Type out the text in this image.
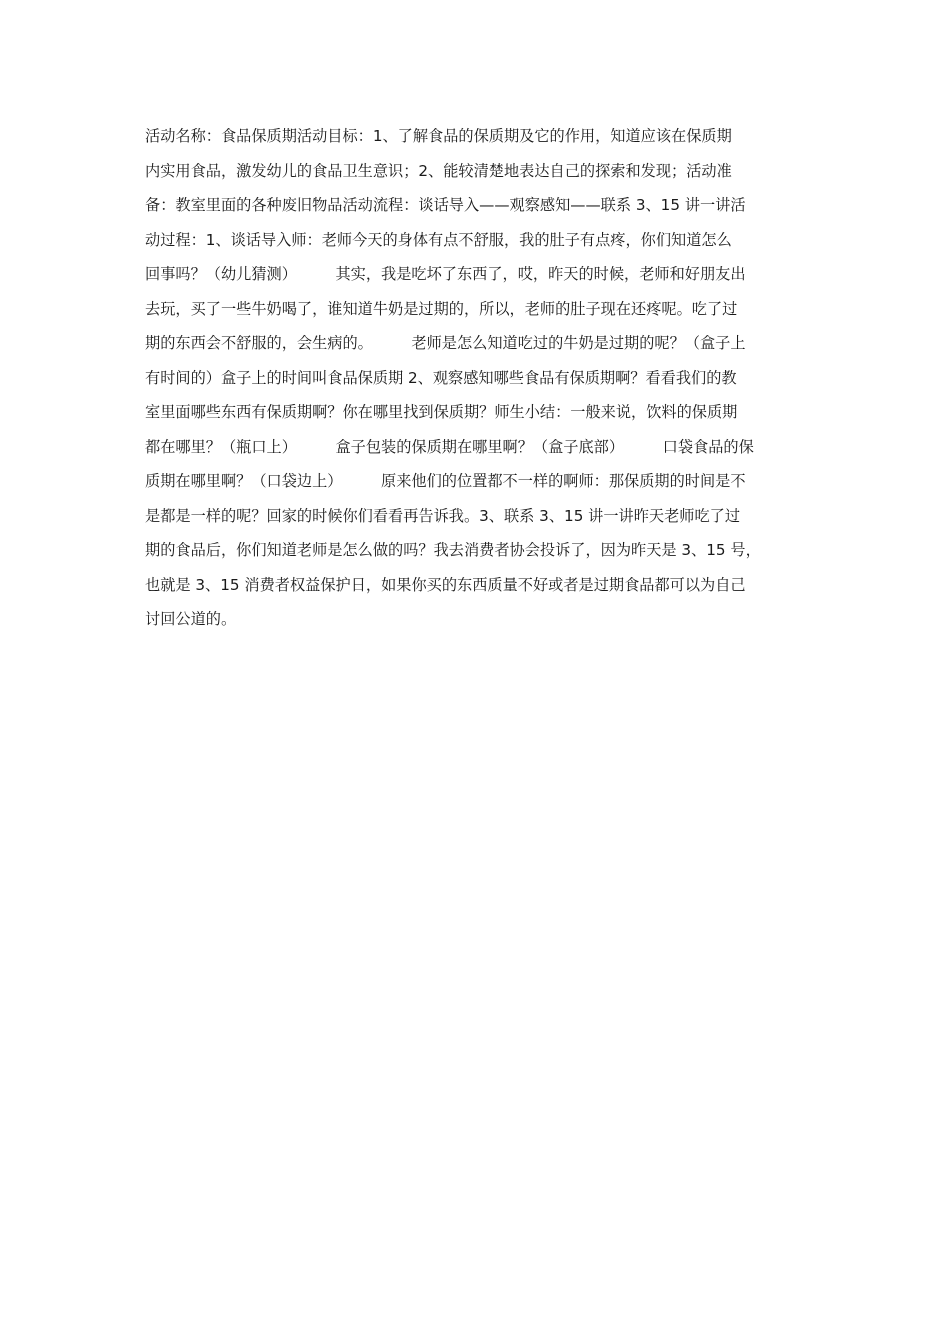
活动名称：食品保质期活动目标：1、了解食品的保质期及它的作用，知道应该在保质期
内实用食品，激发幼儿的食品卫生意识；2、能较清楚地表达自己的探索和发现；活动准
备：教室里面的各种废旧物品活动流程：谈话导入——观察感知——联系 3、15 讲一讲活
动过程：1、谈话导入师：老师今天的身体有点不舒服，我的肚子有点疼，你们知道怎么
回事吗？（幼儿猜测）        其实，我是吃坏了东西了，哎，昨天的时候，老师和好朋友出
去玩，买了一些牛奶喝了，谁知道牛奶是过期的，所以，老师的肚子现在还疼呢。吃了过
期的东西会不舒服的，会生病的。        老师是怎么知道吃过的牛奶是过期的呢？（盒子上
有时间的）盒子上的时间叫食品保质期 2、观察感知哪些食品有保质期啊？看看我们的教
室里面哪些东西有保质期啊？你在哪里找到保质期？师生小结：一般来说，饮料的保质期
都在哪里？（瓶口上）        盒子包装的保质期在哪里啊？（盒子底部）        口袋食品的保
质期在哪里啊？（口袋边上）        原来他们的位置都不一样的啊师：那保质期的时间是不
是都是一样的呢？回家的时候你们看看再告诉我。3、联系 3、15 讲一讲昨天老师吃了过
期的食品后，你们知道老师是怎么做的吗？我去消费者协会投诉了，因为昨天是 3、15 号，
也就是 3、15 消费者权益保护日，如果你买的东西质量不好或者是过期食品都可以为自己
讨回公道的。
